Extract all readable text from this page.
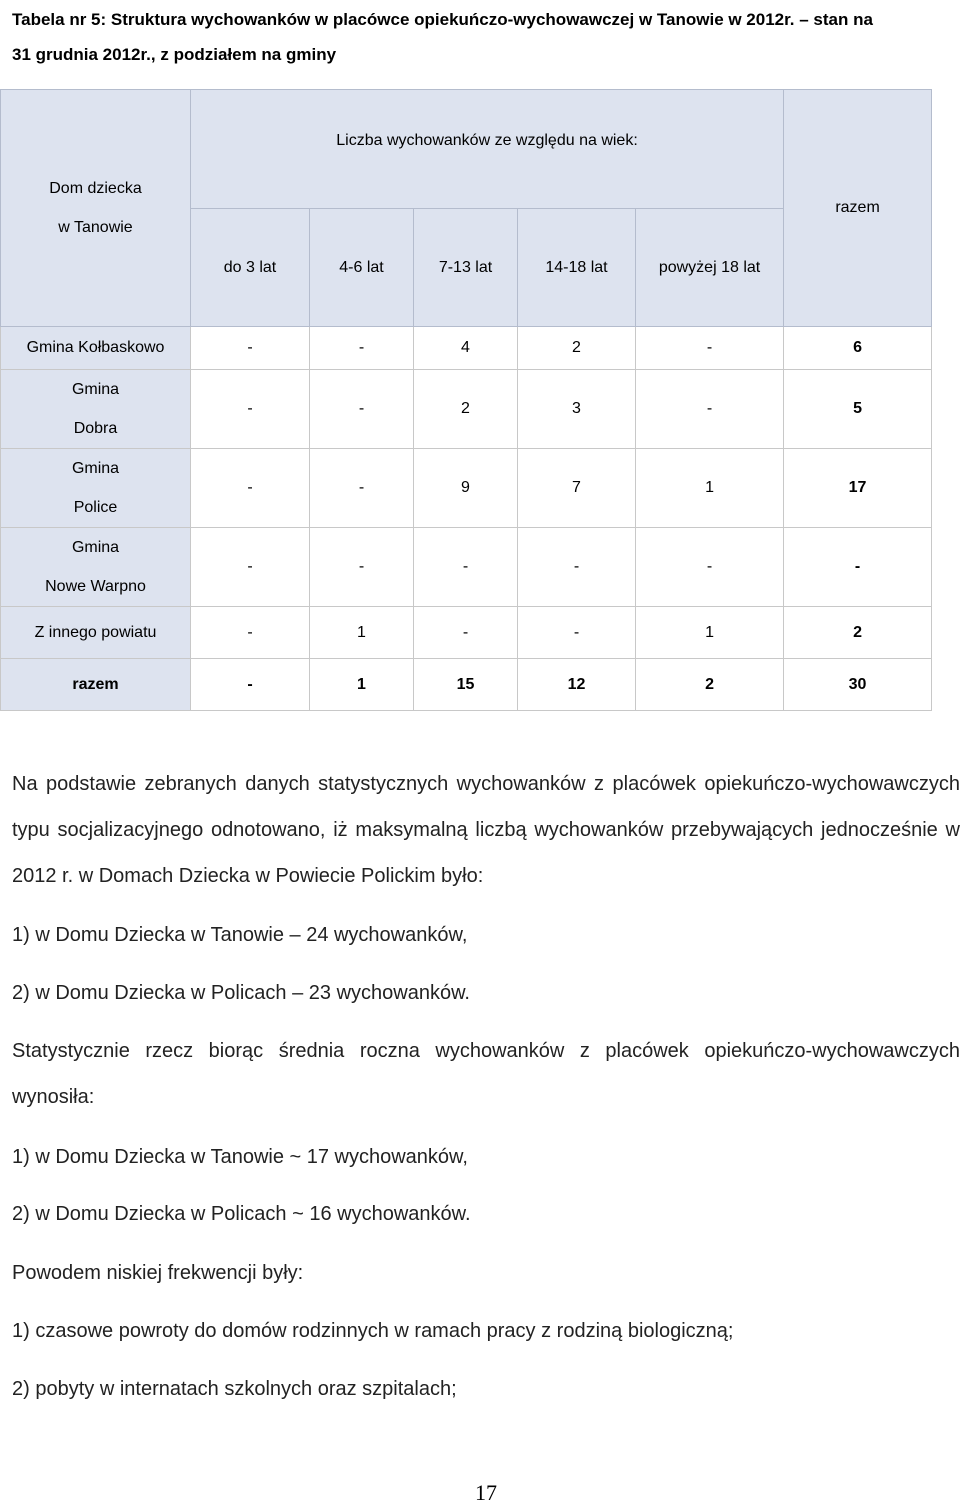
Tabela nr 5: Struktura wychowanków w placówce opiekuńczo-wychowawczej w Tanowie w 2012r. – stan na
31 grudnia 2012r., z podziałem na gminy
Dom dziecka
w Tanowie	Liczba wychowanków ze względu na wiek:					razem
	do 3 lat	4-6 lat	7-13 lat	14-18 lat	powyżej 18 lat	
Gmina Kołbaskowo	-	-	4	2	-	6

Gmina
Dobra	-	-	2	3	-	5

Gmina
Police	-	-	9	7	1	17

Gmina
Nowe Warpno	-	-	-	-	-	-
Z innego powiatu	-	1	-	-	1	2
razem	-	1	15	12	2	30
Na podstawie zebranych danych statystycznych wychowanków z placówek opiekuńczo-wychowawczych typu socjalizacyjnego odnotowano, iż maksymalną liczbą wychowanków przebywających jednocześnie w 2012 r. w Domach Dziecka w Powiecie Polickim było:
1) w Domu Dziecka w Tanowie – 24 wychowanków,
2) w Domu Dziecka w Policach – 23 wychowanków.
Statystycznie rzecz biorąc średnia roczna wychowanków z placówek opiekuńczo-wychowawczych wynosiła:
1) w Domu Dziecka w Tanowie ~ 17 wychowanków,
2) w Domu Dziecka w Policach ~ 16 wychowanków.
Powodem niskiej frekwencji były:
1) czasowe powroty do domów rodzinnych w ramach pracy z rodziną biologiczną;
2) pobyty w internatach szkolnych oraz szpitalach;
17
